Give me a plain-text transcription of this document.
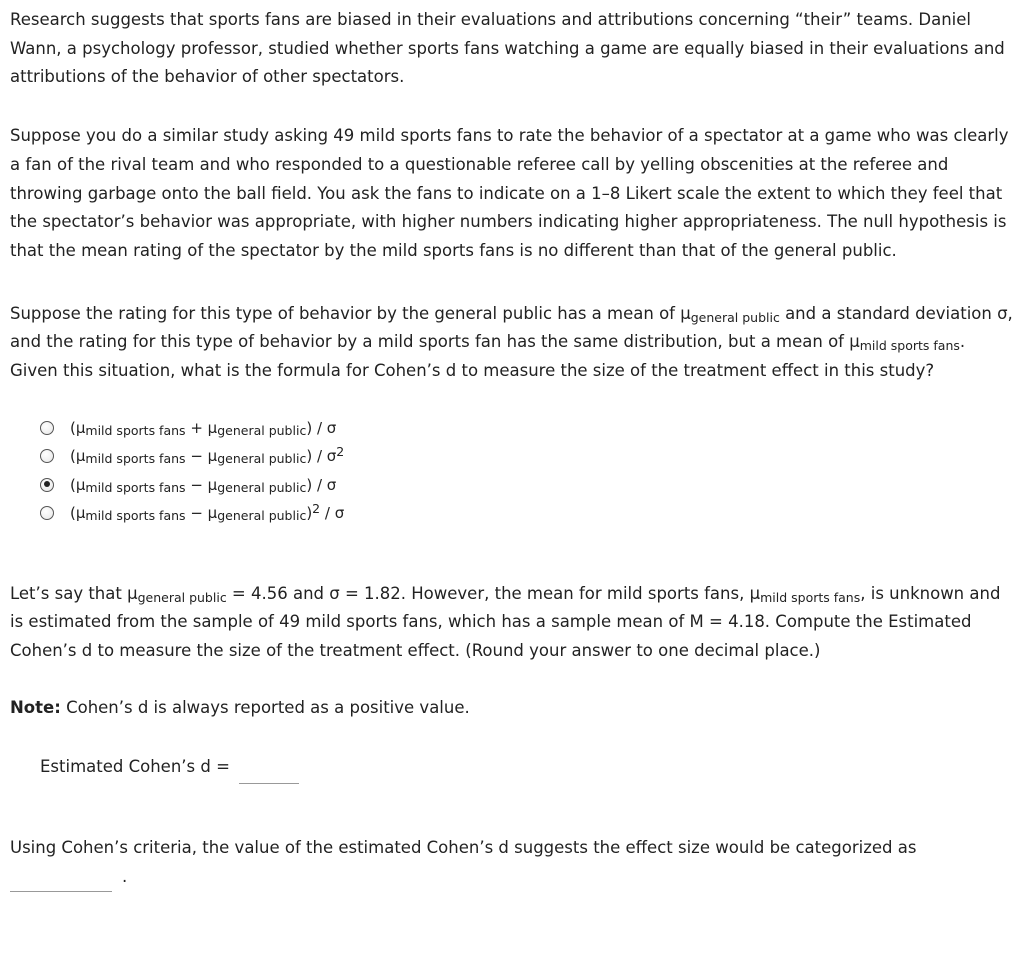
Research suggests that sports fans are biased in their evaluations and attributions concerning “their” teams. Daniel Wann, a psychology professor, studied whether sports fans watching a game are equally biased in their evaluations and attributions of the behavior of other spectators.

Suppose you do a similar study asking 49 mild sports fans to rate the behavior of a spectator at a game who was clearly a fan of the rival team and who responded to a questionable referee call by yelling obscenities at the referee and throwing garbage onto the ball field. You ask the fans to indicate on a 1–8 Likert scale the extent to which they feel that the spectator’s behavior was appropriate, with higher numbers indicating higher appropriateness. The null hypothesis is that the mean rating of the spectator by the mild sports fans is no different than that of the general public.

Suppose the rating for this type of behavior by the general public has a mean of $\mu_{general public}$ and a standard deviation σ, and the rating for this type of behavior by a mild sports fan has the same distribution, but a mean of $\mu_{mild sports fans}$. Given this situation, what is the formula for Cohen’s d to measure the size of the treatment effect in this study?

$(\mu_{mild sports fans} + \mu_{general public}) / \sigma$
$(\mu_{mild sports fans} - \mu_{general public}) / \sigma^2$
$(\mu_{mild sports fans} - \mu_{general public}) / \sigma$
$(\mu_{mild sports fans} - \mu_{general public})^2 / \sigma$

Let’s say that $\mu_{general public} = 4.56$ and σ = 1.82. However, the mean for mild sports fans, $\mu_{mild sports fans}$, is unknown and is estimated from the sample of 49 mild sports fans, which has a sample mean of M = 4.18. Compute the Estimated Cohen’s d to measure the size of the treatment effect. (Round your answer to one decimal place.)

Note: Cohen’s d is always reported as a positive value.

Estimated Cohen’s d =
Using Cohen’s criteria, the value of the estimated Cohen’s d suggests the effect size would be categorized as
.
